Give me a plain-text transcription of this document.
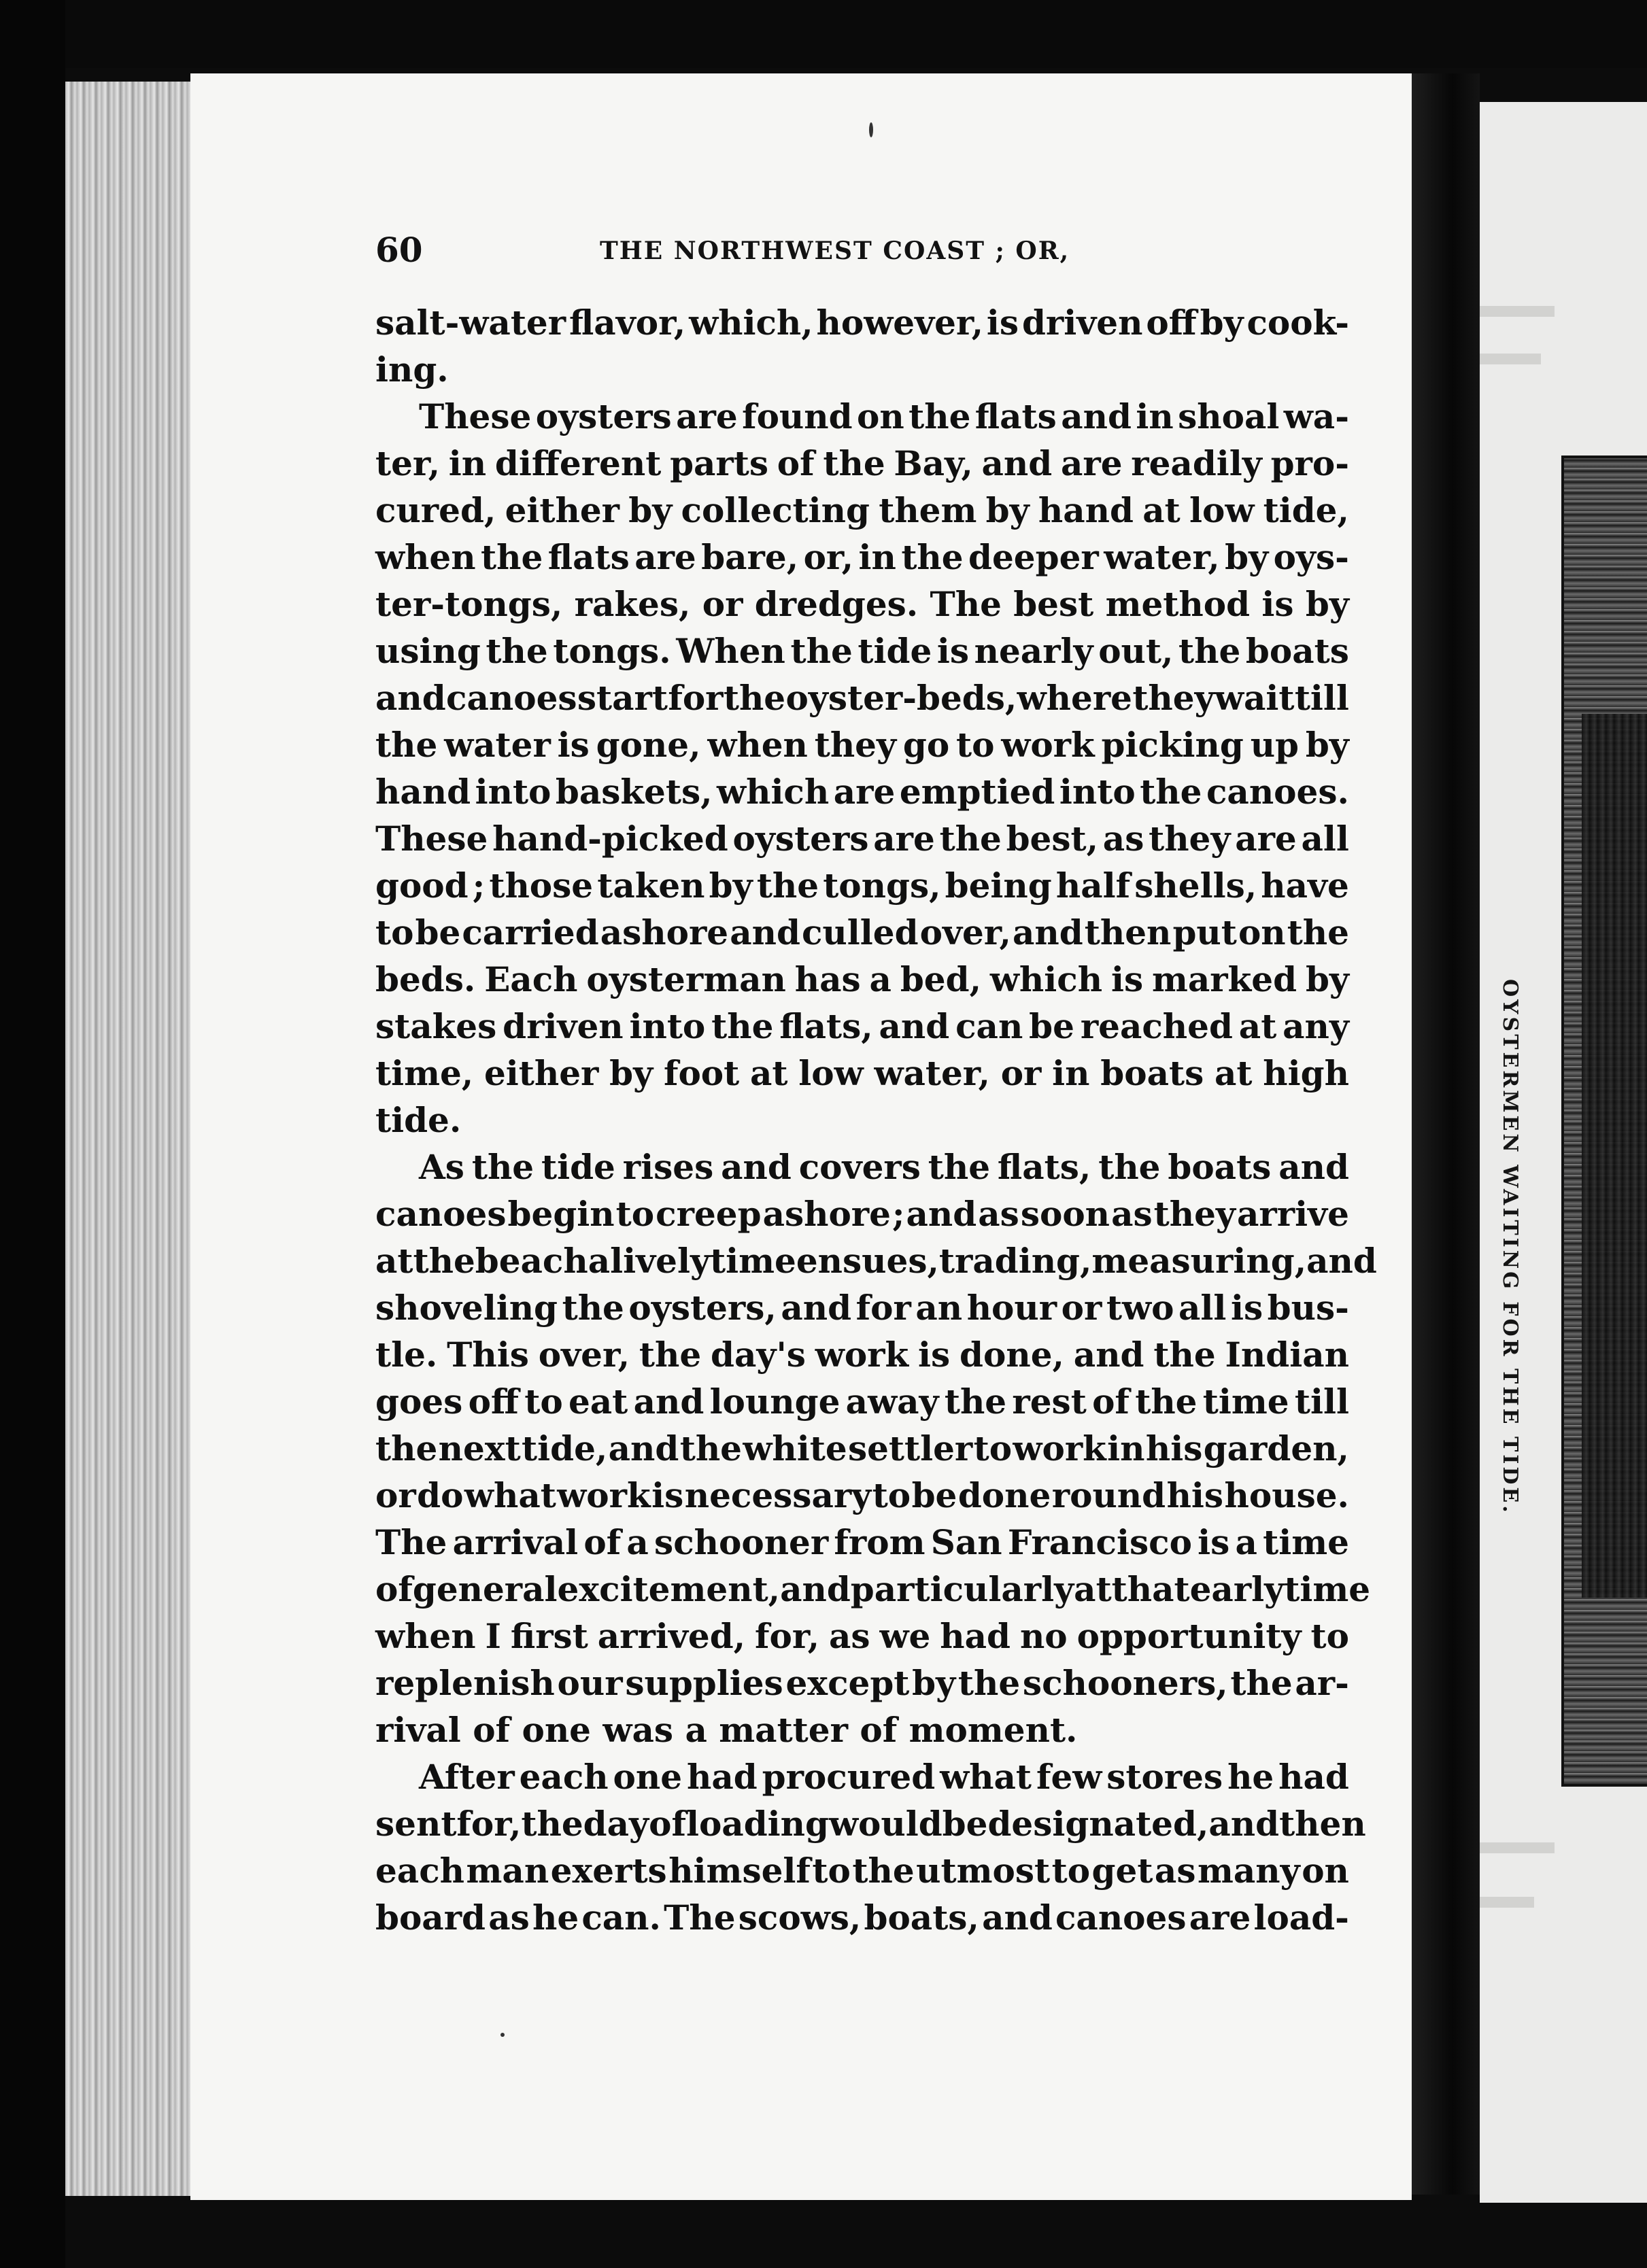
60	THE NORTHWEST COAST ; OR,
salt-water flavor, which, however, is driven off by cook-
ing.

These oysters are found on the flats and in shoal wa-
ter, in different parts of the Bay, and are readily pro-
cured, either by collecting them by hand at low tide,
when the flats are bare, or, in the deeper water, by oys-
ter-tongs, rakes, or dredges. The best method is by
using the tongs. When the tide is nearly out, the boats
and canoes start for the oyster-beds, where they wait till
the water is gone, when they go to work picking up by
hand into baskets, which are emptied into the canoes.
These hand-picked oysters are the best, as they are all
good ; those taken by the tongs, being half shells, have
to be carried ashore and culled over, and then put on the
beds. Each oysterman has a bed, which is marked by
stakes driven into the flats, and can be reached at any
time, either by foot at low water, or in boats at high
tide.

As the tide rises and covers the flats, the boats and
canoes begin to creep ashore ; and as soon as they arrive
at the beach a lively time ensues, trading, measuring, and
shoveling the oysters, and for an hour or two all is bus-
tle. This over, the day's work is done, and the Indian
goes off to eat and lounge away the rest of the time till
the next tide, and the white settler to work in his garden,
or do what work is necessary to be done round his house.
The arrival of a schooner from San Francisco is a time
of general excitement, and particularly at that early time
when I first arrived, for, as we had no opportunity to
replenish our supplies except by the schooners, the ar-
rival
of
one
was
a
matter
of
moment.

After each one had procured what few stores he had
sent for, the day of loading would be designated, and then
each man exerts himself to the utmost to get as many on
board as he can. The scows, boats, and canoes are load-
OYSTERMEN WAITING FOR THE TIDE.
